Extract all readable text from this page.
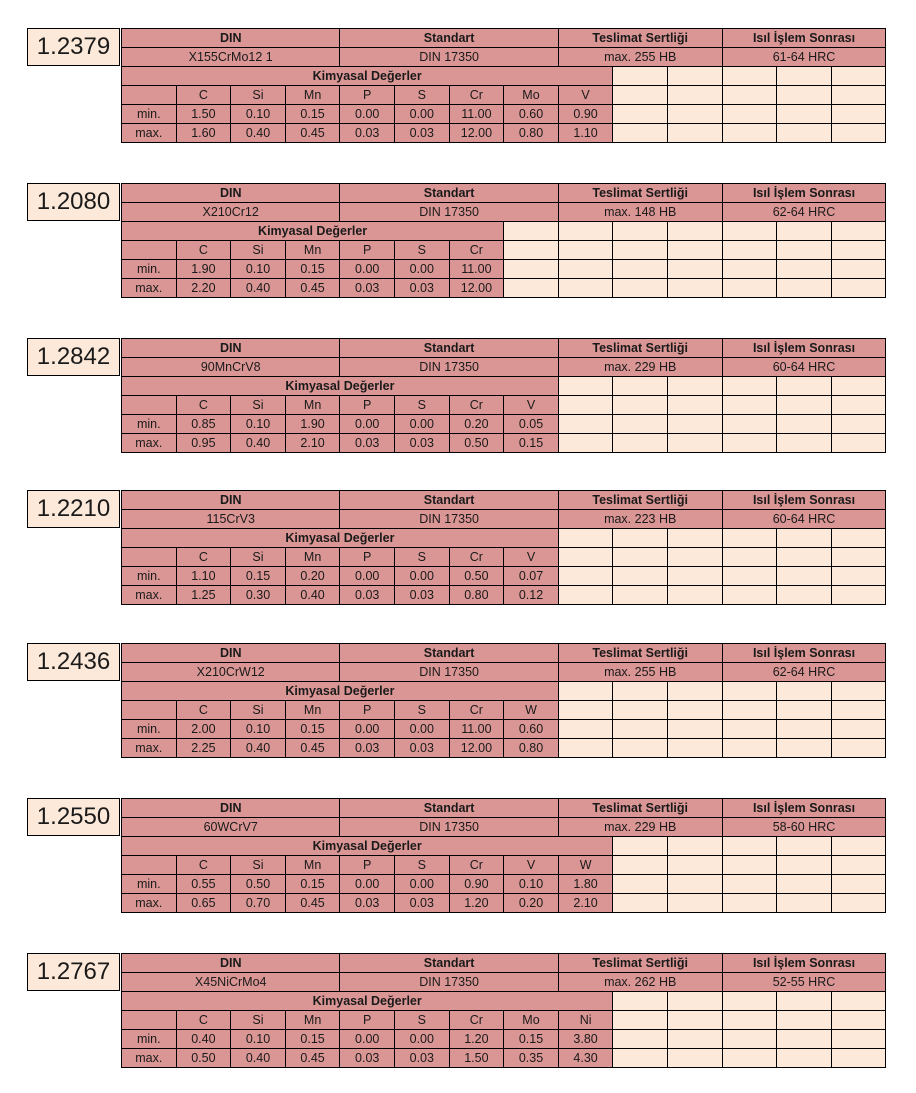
1.2379	DIN				Standart				Teslimat Sertliği			Isıl İşlem Sonrası		
X155CrMo12 1				DIN 17350				max. 255 HB			61-64 HRC		
Kimyasal Değerler													
	C	Si	Mn	P	S	Cr	Mo	V					
min.	1.50	0.10	0.15	0.00	0.00	11.00	0.60	0.90					
max.	1.60	0.40	0.45	0.03	0.03	12.00	0.80	1.10					
1.2080	DIN				Standart				Teslimat Sertliği			Isıl İşlem Sonrası		
X210Cr12				DIN 17350				max. 148 HB			62-64 HRC		
Kimyasal Değerler													
	C	Si	Mn	P	S	Cr							
min.	1.90	0.10	0.15	0.00	0.00	11.00							
max.	2.20	0.40	0.45	0.03	0.03	12.00							
1.2842	DIN				Standart				Teslimat Sertliği			Isıl İşlem Sonrası		
90MnCrV8				DIN 17350				max. 229 HB			60-64 HRC		
Kimyasal Değerler													
	C	Si	Mn	P	S	Cr	V						
min.	0.85	0.10	1.90	0.00	0.00	0.20	0.05						
max.	0.95	0.40	2.10	0.03	0.03	0.50	0.15						
1.2210	DIN				Standart				Teslimat Sertliği			Isıl İşlem Sonrası		
115CrV3				DIN 17350				max. 223 HB			60-64 HRC		
Kimyasal Değerler													
	C	Si	Mn	P	S	Cr	V						
min.	1.10	0.15	0.20	0.00	0.00	0.50	0.07						
max.	1.25	0.30	0.40	0.03	0.03	0.80	0.12						
1.2436	DIN				Standart				Teslimat Sertliği			Isıl İşlem Sonrası		
X210CrW12				DIN 17350				max. 255 HB			62-64 HRC		
Kimyasal Değerler													
	C	Si	Mn	P	S	Cr	W						
min.	2.00	0.10	0.15	0.00	0.00	11.00	0.60						
max.	2.25	0.40	0.45	0.03	0.03	12.00	0.80						
1.2550	DIN				Standart				Teslimat Sertliği			Isıl İşlem Sonrası		
60WCrV7				DIN 17350				max. 229 HB			58-60 HRC		
Kimyasal Değerler													
	C	Si	Mn	P	S	Cr	V	W					
min.	0.55	0.50	0.15	0.00	0.00	0.90	0.10	1.80					
max.	0.65	0.70	0.45	0.03	0.03	1.20	0.20	2.10					
1.2767	DIN				Standart				Teslimat Sertliği			Isıl İşlem Sonrası		
X45NiCrMo4				DIN 17350				max. 262 HB			52-55 HRC		
Kimyasal Değerler													
	C	Si	Mn	P	S	Cr	Mo	Ni					
min.	0.40	0.10	0.15	0.00	0.00	1.20	0.15	3.80					
max.	0.50	0.40	0.45	0.03	0.03	1.50	0.35	4.30					
